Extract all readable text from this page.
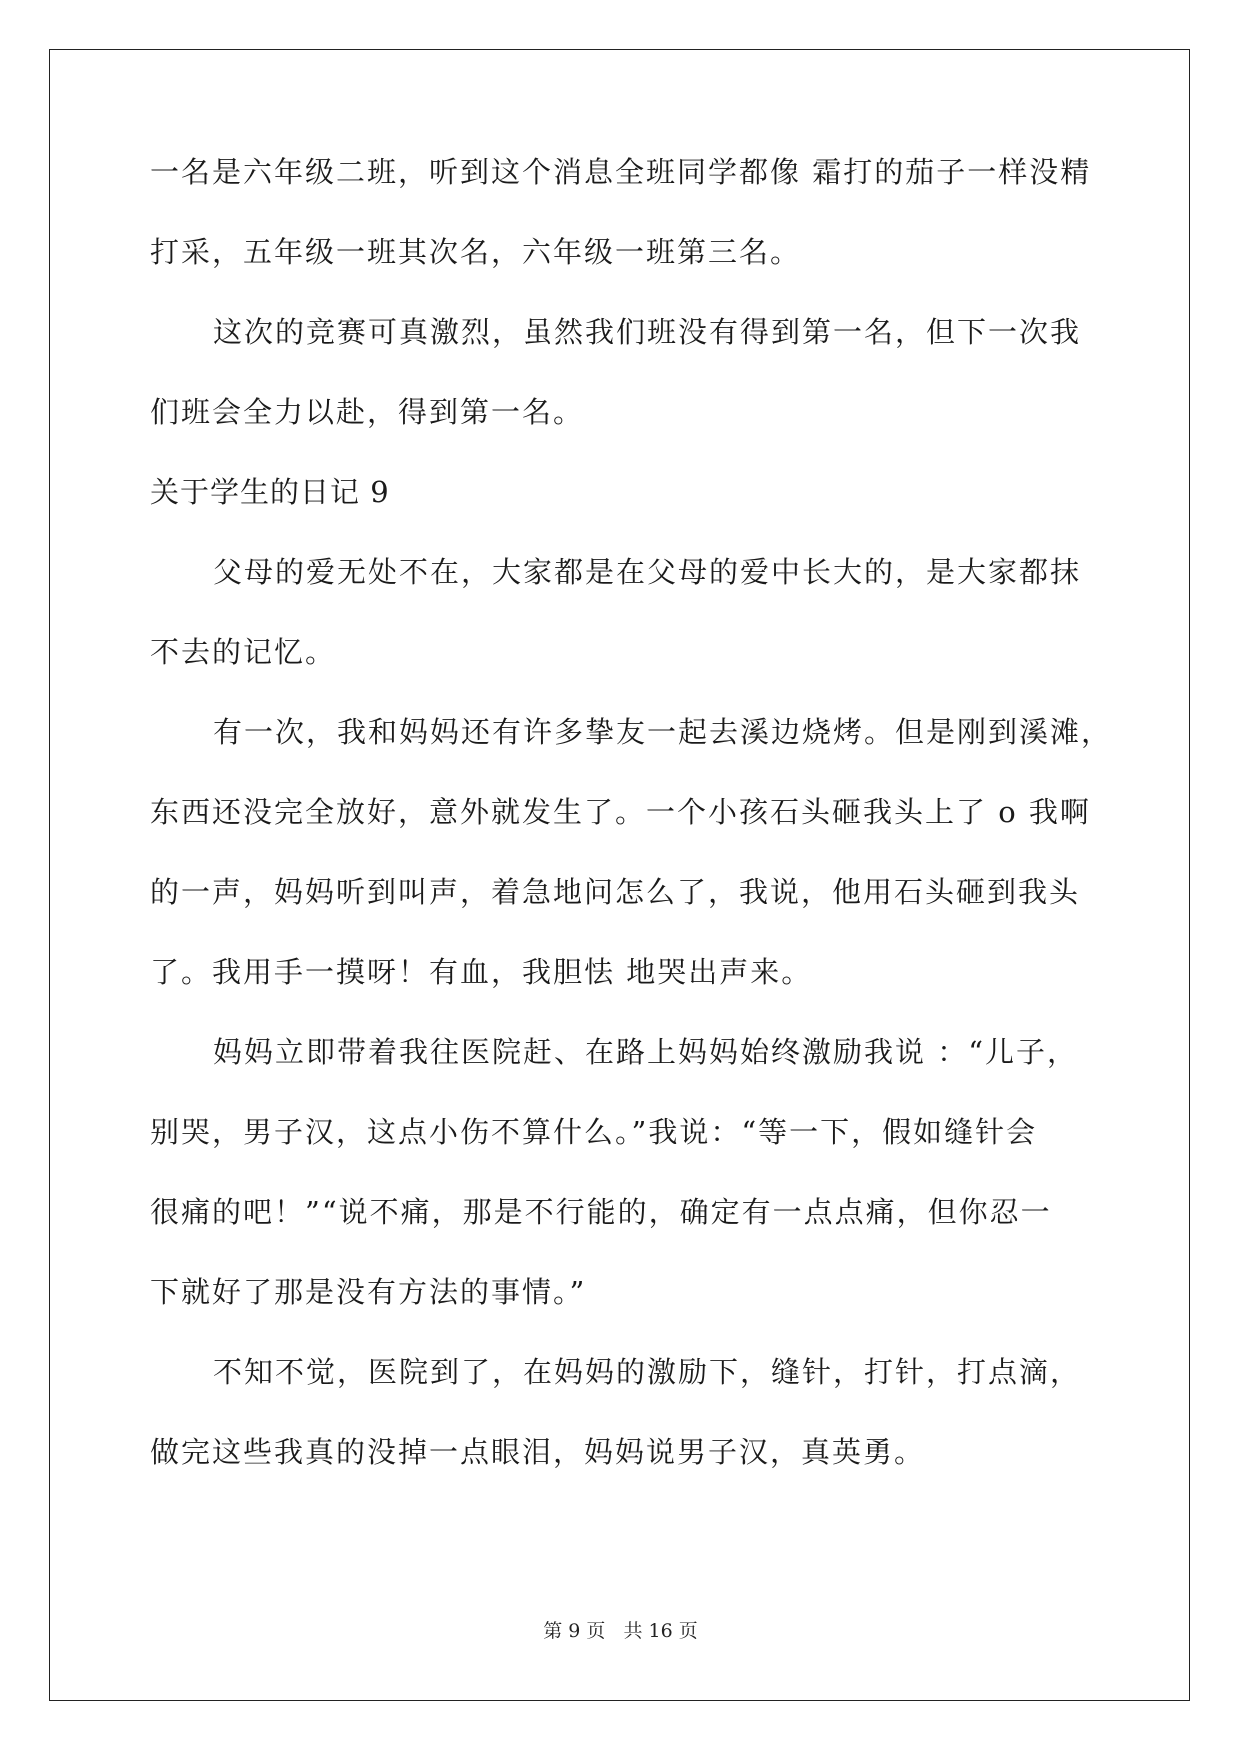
一名是六年级二班，听到这个消息全班同学都像 霜打的茄子一样没精
打采，五年级一班其次名，六年级一班第三名。
这次的竞赛可真激烈，虽然我们班没有得到第一名，但下一次我
们班会全力以赴，得到第一名。
关于学生的日记 9
父母的爱无处不在，大家都是在父母的爱中长大的，是大家都抹
不去的记忆。
有一次，我和妈妈还有许多挚友一起去溪边烧烤。但是刚到溪滩，
东西还没完全放好，意外就发生了。一个小孩石头砸我头上了 o 我啊
的一声，妈妈听到叫声，着急地问怎么了，我说，他用石头砸到我头
了。我用手一摸呀！有血，我胆怯 地哭出声来。
妈妈立即带着我往医院赶、在路上妈妈始终激励我说 ：“儿子，
别哭，男子汉，这点小伤不算什么。”我说：“等一下，假如缝针会
很痛的吧！”“说不痛，那是不行能的，确定有一点点痛，但你忍一
下就好了那是没有方法的事情。”
不知不觉，医院到了，在妈妈的激励下，缝针，打针，打点滴，
做完这些我真的没掉一点眼泪，妈妈说男子汉，真英勇。
第 9 页 共 16 页
